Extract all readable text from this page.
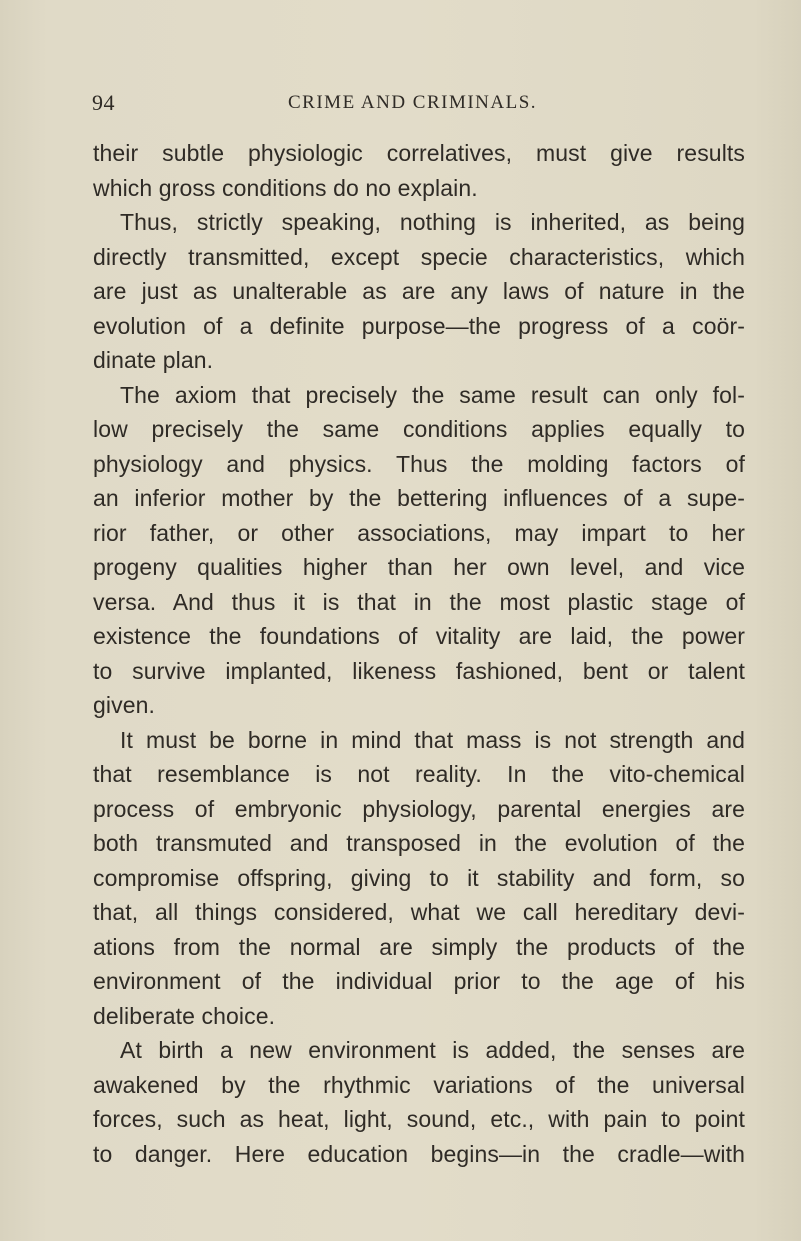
94	CRIME AND CRIMINALS.
their subtle physiologic correlatives, must give results
which gross conditions do no explain.
Thus, strictly speaking, nothing is inherited, as being
directly transmitted, except specie characteristics, which
are just as unalterable as are any laws of nature in the
evolution of a definite purpose—the progress of a coör-
dinate plan.
The axiom that precisely the same result can only fol-
low precisely the same conditions applies equally to
physiology and physics. Thus the molding factors of
an inferior mother by the bettering influences of a supe-
rior father, or other associations, may impart to her
progeny qualities higher than her own level, and vice
versa. And thus it is that in the most plastic stage of
existence the foundations of vitality are laid, the power
to survive implanted, likeness fashioned, bent or talent
given.
It must be borne in mind that mass is not strength and
that resemblance is not reality. In the vito-chemical
process of embryonic physiology, parental energies are
both transmuted and transposed in the evolution of the
compromise offspring, giving to it stability and form, so
that, all things considered, what we call hereditary devi-
ations from the normal are simply the products of the
environment of the individual prior to the age of his
deliberate choice.
At birth a new environment is added, the senses are
awakened by the rhythmic variations of the universal
forces, such as heat, light, sound, etc., with pain to point
to danger. Here education begins—in the cradle—with
